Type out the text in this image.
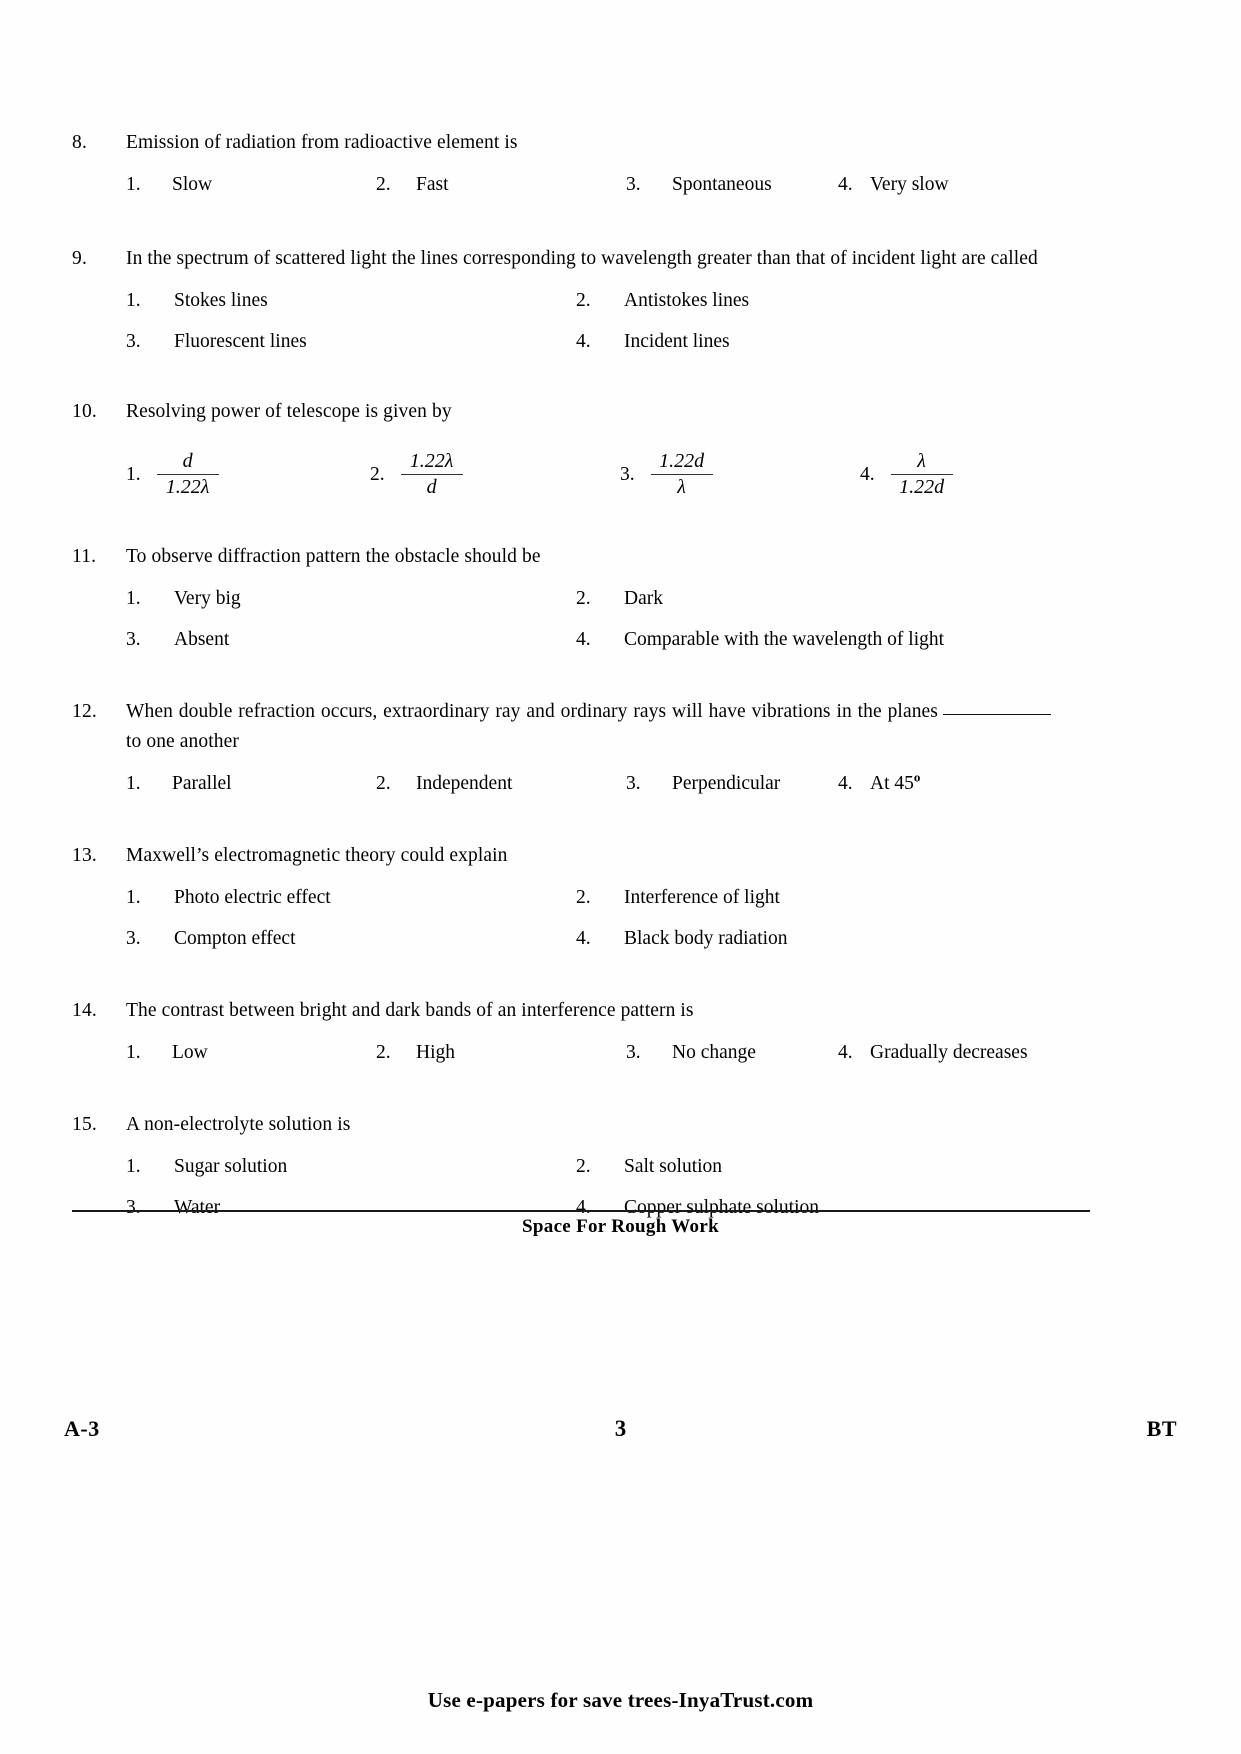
8.	Emission of radiation from radioactive element is
1.	Slow	2.	Fast	3.	Spontaneous	4. Very slow
9.	In the spectrum of scattered light the lines corresponding to wavelength greater than that of incident light are called
1.	Stokes lines	2.	Antistokes lines
3.	Fluorescent lines	4.	Incident lines
10.	Resolving power of telescope is given by
1. $\frac{d}{1.22\lambda}$	2. $\frac{1.22\lambda}{d}$	3. $\frac{1.22d}{\lambda}$	4. $\frac{\lambda}{1.22d}$
11.	To observe diffraction pattern the obstacle should be
1.	Very big	2.	Dark
3.	Absent	4.	Comparable with the wavelength of light
12.	When double refraction occurs, extraordinary ray and ordinary rays will have vibrations in the planesto one another
1.	Parallel	2.	Independent	3.	Perpendicular	4. At 45$^o$
13.	Maxwell’s electromagnetic theory could explain
1.	Photo electric effect	2.	Interference of light
3.	Compton effect	4.	Black body radiation
14.	The contrast between bright and dark bands of an interference pattern is
1.	Low	2.	High	3.	No change	4. Gradually decreases
15.	A non-electrolyte solution is
1.	Sugar solution	2.	Salt solution
3.	Water	4.	Copper sulphate solution
Space For Rough Work
A-3	3	BT
Use e-papers for save trees-InyaTrust.com
